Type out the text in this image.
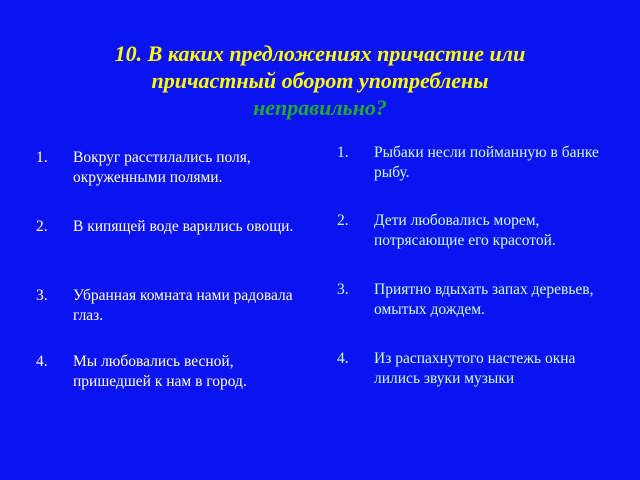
10. В каких предложениях причастие или
причастный оборот употреблены
неправильно?
1.	Вокруг расстилались поля, окруженными полями.
2.	В кипящей воде варились овощи.
3.	Убранная комната нами радовала глаз.
4.	Мы любовались весной, пришедшей к нам в город.
1.	Рыбаки несли пойманную в банке рыбу.
2.	Дети любовались морем, потрясающие его красотой.
3.	Приятно вдыхать запах деревьев, омытых дождем.
4.	Из распахнутого настежь окна лились звуки музыки
